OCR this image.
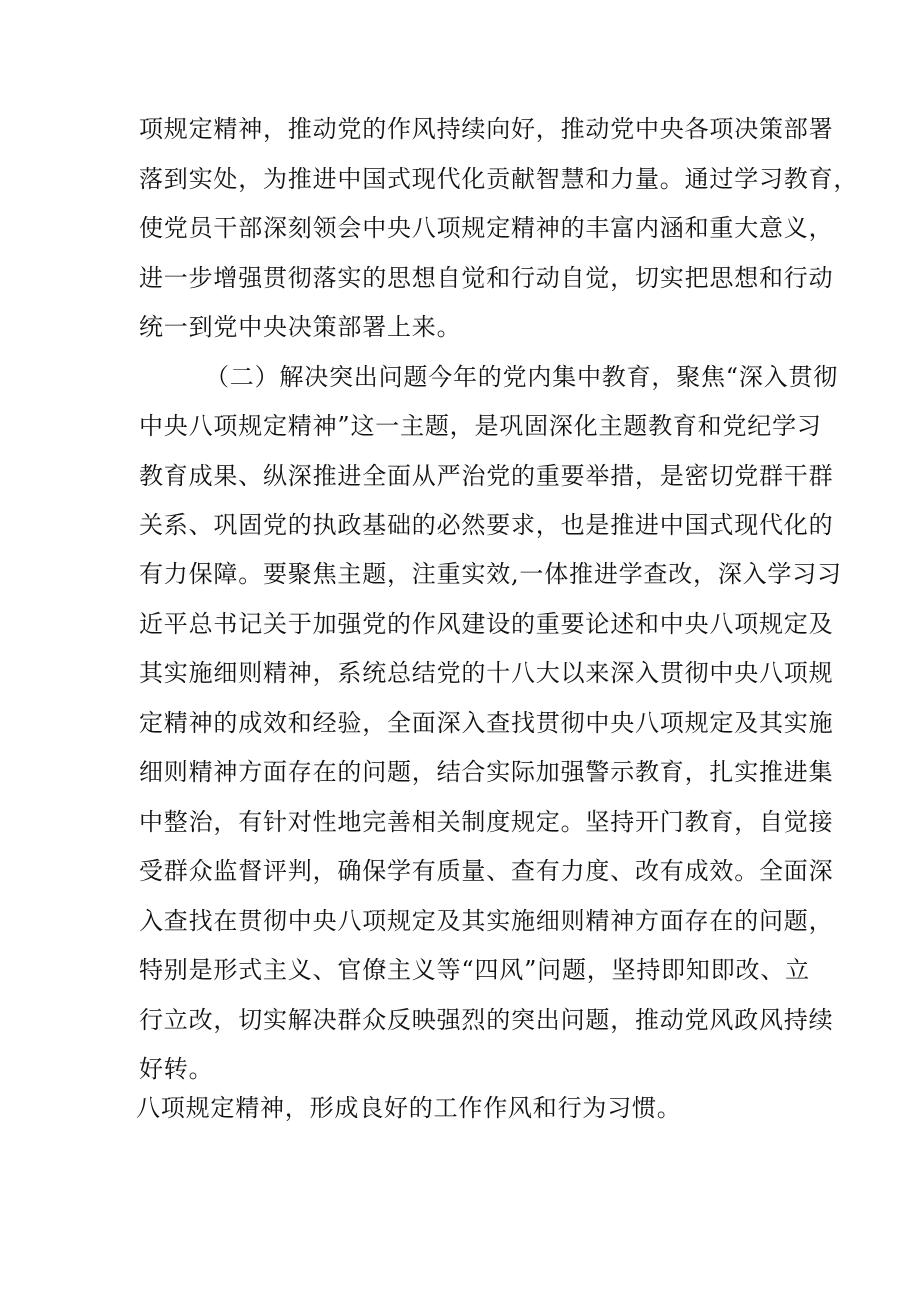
项规定精神，推动党的作风持续向好，推动党中央各项决策部署
落到实处，为推进中国式现代化贡献智慧和力量。通过学习教育，
使党员干部深刻领会中央八项规定精神的丰富内涵和重大意义，
进一步增强贯彻落实的思想自觉和行动自觉，切实把思想和行动
统一到党中央决策部署上来。
（二）解决突出问题今年的党内集中教育，聚焦“深入贯彻
中央八项规定精神”这一主题，是巩固深化主题教育和党纪学习
教育成果、纵深推进全面从严治党的重要举措，是密切党群干群
关系、巩固党的执政基础的必然要求，也是推进中国式现代化的
有力保障。要聚焦主题，注重实效,一体推进学查改，深入学习习
近平总书记关于加强党的作风建设的重要论述和中央八项规定及
其实施细则精神，系统总结党的十八大以来深入贯彻中央八项规
定精神的成效和经验，全面深入查找贯彻中央八项规定及其实施
细则精神方面存在的问题，结合实际加强警示教育，扎实推进集
中整治，有针对性地完善相关制度规定。坚持开门教育，自觉接
受群众监督评判，确保学有质量、查有力度、改有成效。全面深
入查找在贯彻中央八项规定及其实施细则精神方面存在的问题，
特别是形式主义、官僚主义等“四风”问题，坚持即知即改、立
行立改，切实解决群众反映强烈的突出问题，推动党风政风持续
好转。
八项规定精神，形成良好的工作作风和行为习惯。
